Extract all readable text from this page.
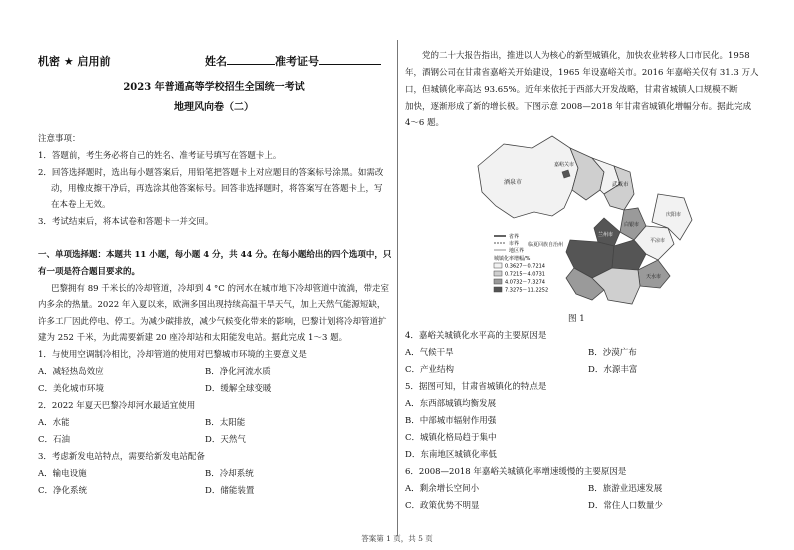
机密 ★ 启用前	姓名	准考证号
2023 年普通高等学校招生全国统一考试
地理风向卷（二）
注意事项：
1．答题前，考生务必将自己的姓名、准考证号填写在答题卡上。
2．回答选择题时，选出每小题答案后，用铅笔把答题卡上对应题目的答案标号涂黑。如需改
动，用橡皮擦干净后，再选涂其他答案标号。回答非选择题时，将答案写在答题卡上，写
在本卷上无效。
3．考试结束后，将本试卷和答题卡一并交回。
一、单项选择题：本题共 11 小题，每小题 4 分，共 44 分。在每小题给出的四个选项中，只
有一项是符合题目要求的。
巴黎拥有 89 千米长的冷却管道，冷却到 4 °C 的河水在城市地下冷却管道中流淌，带走室
内多余的热量。2022 年入夏以来，欧洲多国出现持续高温干旱天气，加上天然气能源短缺，
许多工厂因此停电、停工。为减少碳排放，减少气候变化带来的影响，巴黎计划将冷却管道扩
建为 252 千米，为此需要新建 20 座冷却站和太阳能发电站。据此完成 1～3 题。
1．与使用空调制冷相比，冷却管道的使用对巴黎城市环境的主要意义是
A．减轻热岛效应	B．净化河流水质
C．美化城市环境	D．缓解全球变暖
2．2022 年夏天巴黎冷却河水最适宜使用
A．水能	B．太阳能
C．石油	D．天然气
3．考虑新发电站特点，需要给新发电站配备
A．输电设施	B．冷却系统
C．净化系统	D．储能装置
党的二十大报告指出，推进以人为核心的新型城镇化，加快农业转移人口市民化。1958
年，酒钢公司在甘肃省嘉峪关开始建设，1965 年设嘉峪关市。2016 年嘉峪关仅有 31.3 万人
口，但城镇化率高达 93.65%。近年来依托于西部大开发战略，甘肃省城镇人口规模不断
加快，逐渐形成了新的增长极。下图示意 2008—2018 年甘肃省城镇化增幅分布。据此完成
4～6 题。
省界
市界
地区界
城镇化率增幅/%
0.3627～0.7214
0.7215～4.0731
4.0732～7.3274
7.3275～11.2252
酒泉市
嘉峪关市
武威市
兰州市
白银市
庆阳市
平凉市
天水市
临夏回族自治州
图 1
4．嘉峪关城镇化水平高的主要原因是
A．气候干旱	B．沙漠广布
C．产业结构	D．水源丰富
5．据图可知，甘肃省城镇化的特点是
A．东西部城镇均衡发展
B．中部城市辐射作用强
C．城镇化格局趋于集中
D．东南地区城镇化率低
6．2008—2018 年嘉峪关城镇化率增速缓慢的主要原因是
A．剩余增长空间小	B．旅游业迅速发展
C．政策优势不明显	D．常住人口数量少
答案第 1 页，共 5 页
